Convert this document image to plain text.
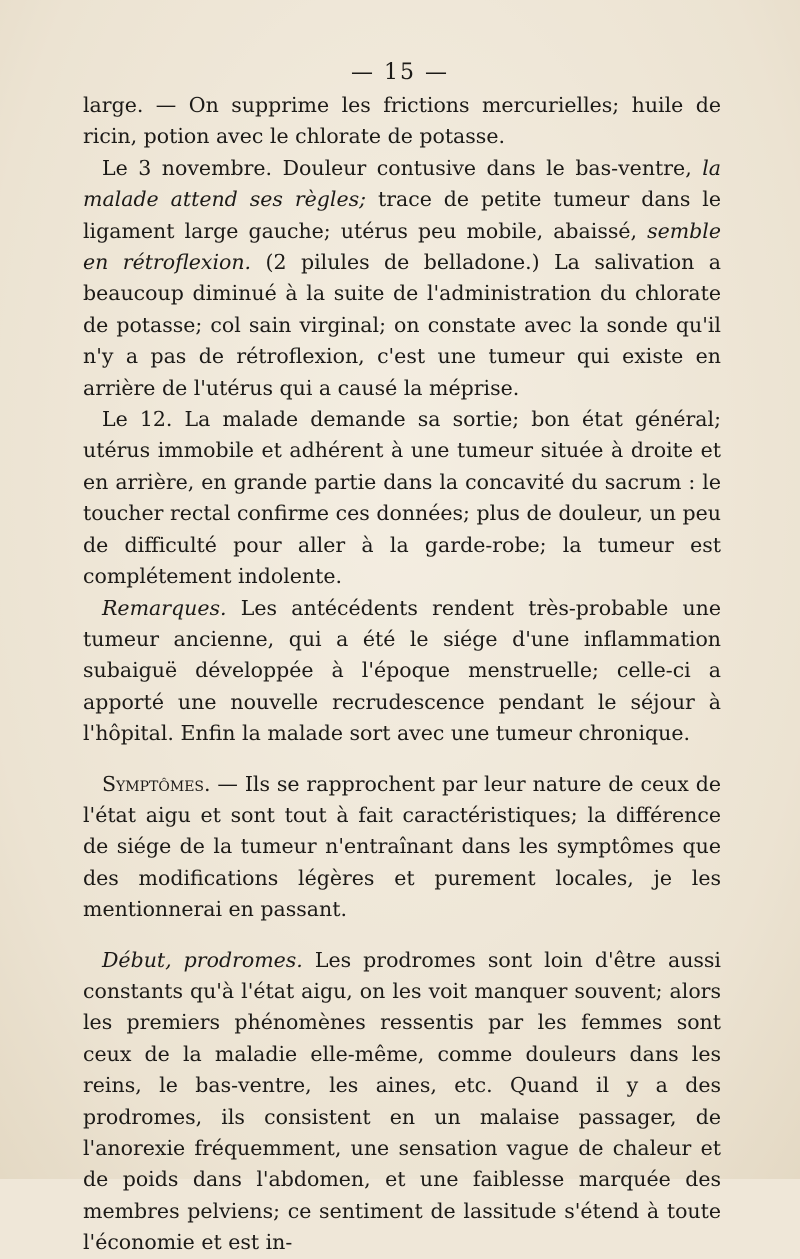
— 15 —

large. — On supprime les frictions mercurielles; huile de ricin, potion avec le chlorate de potasse.

Le 3 novembre. Douleur contusive dans le bas-ventre, la malade attend ses règles; trace de petite tumeur dans le ligament large gauche; utérus peu mobile, abaissé, semble en rétroflexion. (2 pilules de belladone.) La salivation a beaucoup diminué à la suite de l'administration du chlorate de potasse; col sain virginal; on constate avec la sonde qu'il n'y a pas de rétroflexion, c'est une tumeur qui existe en arrière de l'utérus qui a causé la méprise.

Le 12. La malade demande sa sortie; bon état général; utérus immobile et adhérent à une tumeur située à droite et en arrière, en grande partie dans la concavité du sacrum : le toucher rectal confirme ces données; plus de douleur, un peu de difficulté pour aller à la garde-robe; la tumeur est complétement indolente.

Remarques. Les antécédents rendent très-probable une tumeur ancienne, qui a été le siége d'une inflammation subaiguë développée à l'époque menstruelle; celle-ci a apporté une nouvelle recrudescence pendant le séjour à l'hôpital. Enfin la malade sort avec une tumeur chronique.

Symptômes. — Ils se rapprochent par leur nature de ceux de l'état aigu et sont tout à fait caractéristiques; la différence de siége de la tumeur n'entraînant dans les symptômes que des modifications légères et purement locales, je les mentionnerai en passant.

Début, prodromes. Les prodromes sont loin d'être aussi constants qu'à l'état aigu, on les voit manquer souvent; alors les premiers phénomènes ressentis par les femmes sont ceux de la maladie elle-même, comme douleurs dans les reins, le bas-ventre, les aines, etc. Quand il y a des prodromes, ils consistent en un malaise passager, de l'anorexie fréquemment, une sensation vague de chaleur et de poids dans l'abdomen, et une faiblesse marquée des membres pelviens; ce sentiment de lassitude s'étend à toute l'économie et est in-
